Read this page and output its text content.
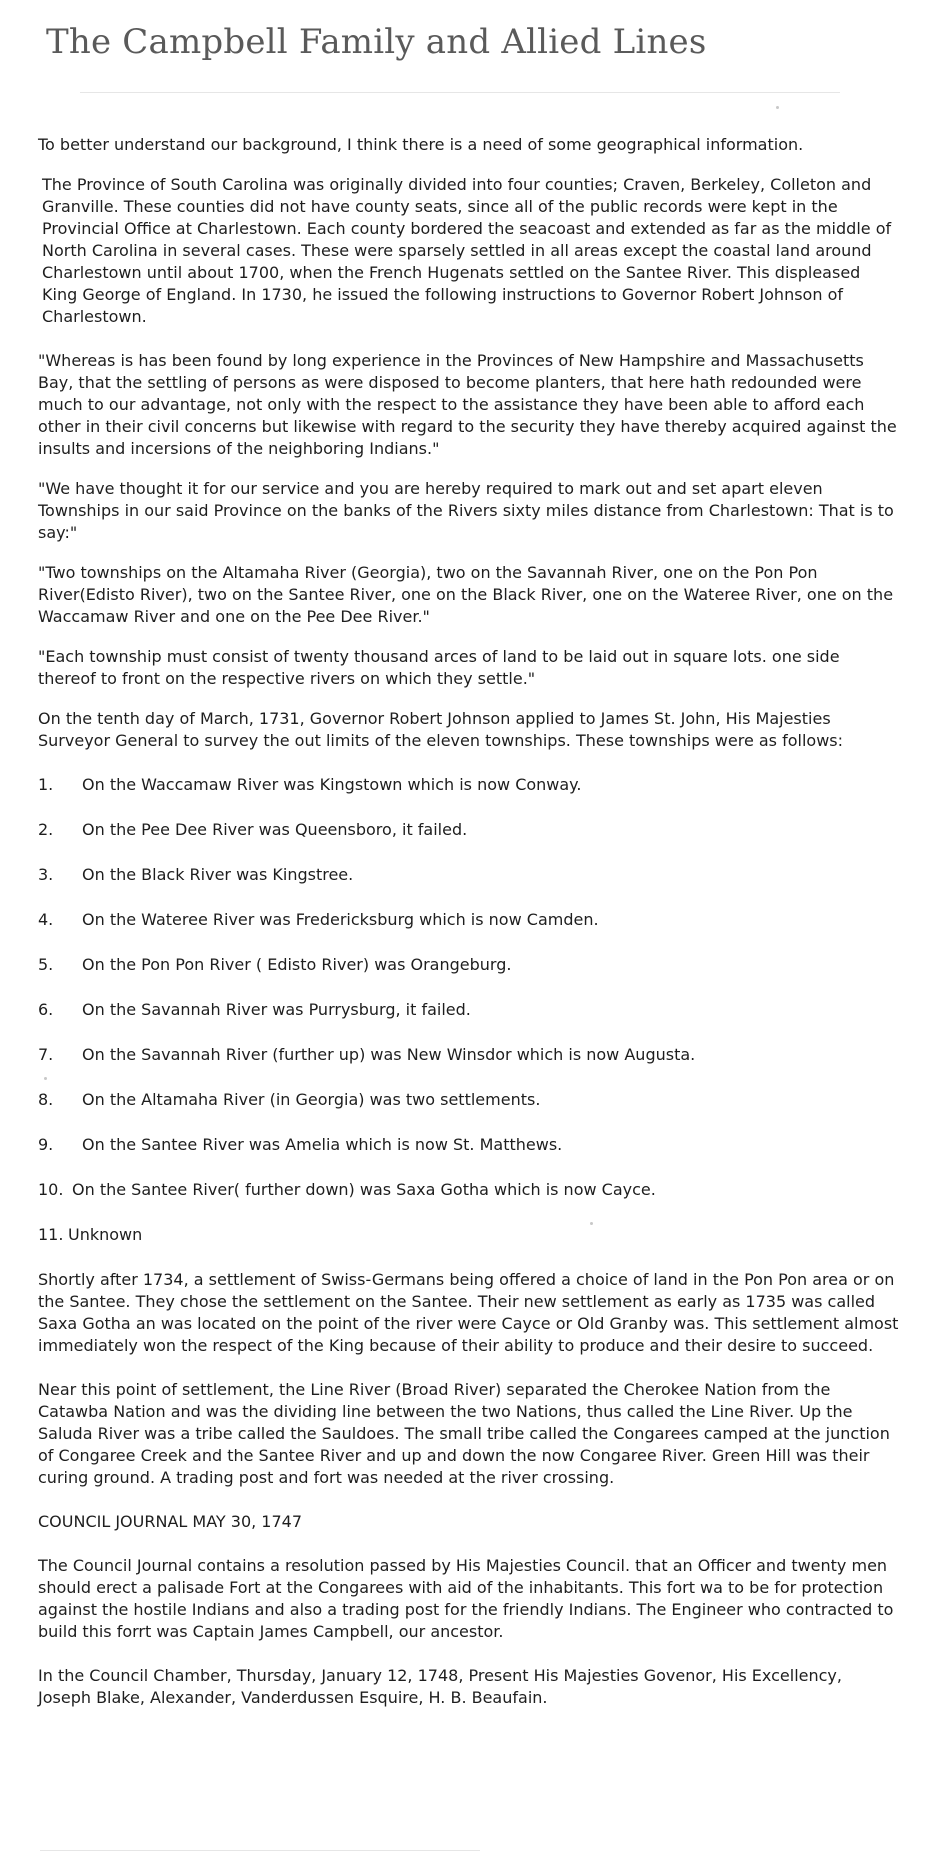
The Campbell Family and Allied Lines

To better understand our background, I think there is a need of some geographical information.

The Province of South Carolina was originally divided into four counties; Craven, Berkeley, Colleton and Granville. These counties did not have county seats, since all of the public records were kept in the Provincial Office at Charlestown. Each county bordered the seacoast and extended as far as the middle of North Carolina in several cases. These were sparsely settled in all areas except the coastal land around Charlestown until about 1700, when the French Hugenats settled on the Santee River. This displeased King George of England. In 1730, he issued the following instructions to Governor Robert Johnson of Charlestown.

"Whereas is has been found by long experience in the Provinces of New Hampshire and Massachusetts Bay, that the settling of persons as were disposed to become planters, that here hath redounded were much to our advantage, not only with the respect to the assistance they have been able to afford each other in their civil concerns but likewise with regard to the security they have thereby acquired against the insults and incersions of the neighboring Indians."

"We have thought it for our service and you are hereby required to mark out and set apart eleven Townships in our said Province on the banks of the Rivers sixty miles distance from Charlestown: That is to say:"

"Two townships on the Altamaha River (Georgia), two on the Savannah River, one on the Pon Pon River(Edisto River), two on the Santee River, one on the Black River, one on the Wateree River, one on the Waccamaw River and one on the Pee Dee River."

"Each township must consist of twenty thousand arces of land to be laid out in square lots. one side thereof to front on the respective rivers on which they settle."

On the tenth day of March, 1731, Governor Robert Johnson applied to James St. John, His Majesties Surveyor General to survey the out limits of the eleven townships. These townships were as follows:

1.	On the Waccamaw River was Kingstown which is now Conway.
2.	On the Pee Dee River was Queensboro, it failed.
3.	On the Black River was Kingstree.
4.	On the Wateree River was Fredericksburg which is now Camden.
5.	On the Pon Pon River ( Edisto River) was Orangeburg.
6.	On the Savannah River was Purrysburg, it failed.
7.	On the Savannah River (further up) was New Winsdor which is now Augusta.
8.	On the Altamaha River (in Georgia) was two settlements.
9.	On the Santee River was Amelia which is now St. Matthews.
10. On the Santee River( further down) was Saxa Gotha which is now Cayce.
11. Unknown

Shortly after 1734, a settlement of Swiss-Germans being offered a choice of land in the Pon Pon area or on the Santee. They chose the settlement on the Santee. Their new settlement as early as 1735 was called Saxa Gotha an was located on the point of the river were Cayce or Old Granby was. This settlement almost immediately won the respect of the King because of their ability to produce and their desire to succeed.

Near this point of settlement, the Line River (Broad River) separated the Cherokee Nation from the Catawba Nation and was the dividing line between the two Nations, thus called the Line River. Up the Saluda River was a tribe called the Sauldoes. The small tribe called the Congarees camped at the junction of Congaree Creek and the Santee River and up and down the now Congaree River. Green Hill was their curing ground. A trading post and fort was needed at the river crossing.

COUNCIL JOURNAL MAY 30, 1747

The Council Journal contains a resolution passed by His Majesties Council. that an Officer and twenty men should erect a palisade Fort at the Congarees with aid of the inhabitants. This fort wa to be for protection against the hostile Indians and also a trading post for the friendly Indians. The Engineer who contracted to build this forrt was Captain James Campbell, our ancestor.

In the Council Chamber, Thursday, January 12, 1748, Present His Majesties Govenor, His Excellency, Joseph Blake, Alexander, Vanderdussen Esquire, H. B. Beaufain.
